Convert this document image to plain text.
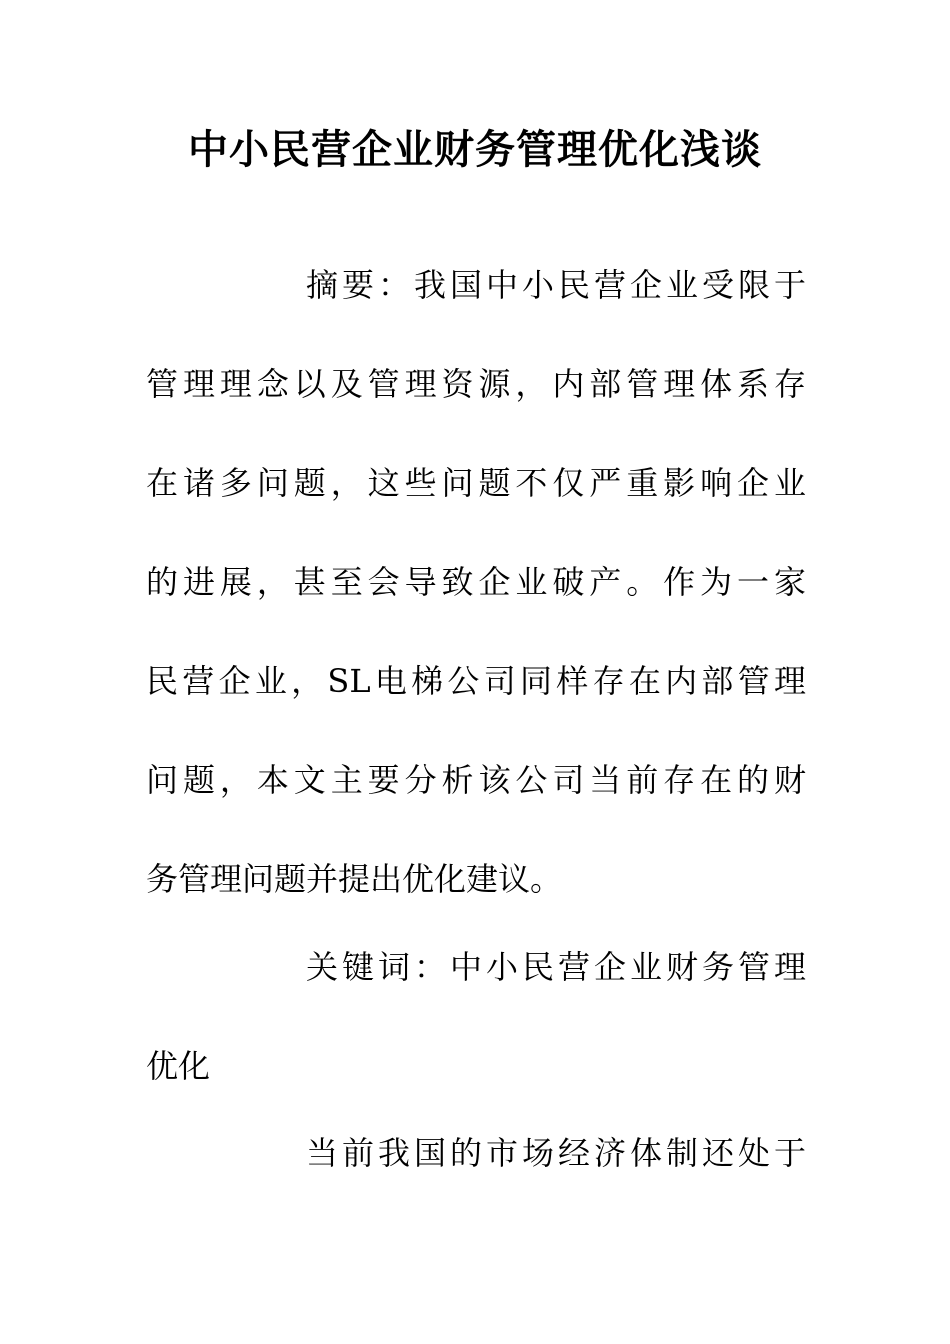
中小民营企业财务管理优化浅谈
摘要：我国中小民营企业受限于
管理理念以及管理资源，内部管理体系存
在诸多问题，这些问题不仅严重影响企业
的进展，甚至会导致企业破产。作为一家
民营企业，SL电梯公司同样存在内部管理
问题，本文主要分析该公司当前存在的财
务管理问题并提出优化建议。
关键词：中小民营企业财务管理
优化
当前我国的市场经济体制还处于
